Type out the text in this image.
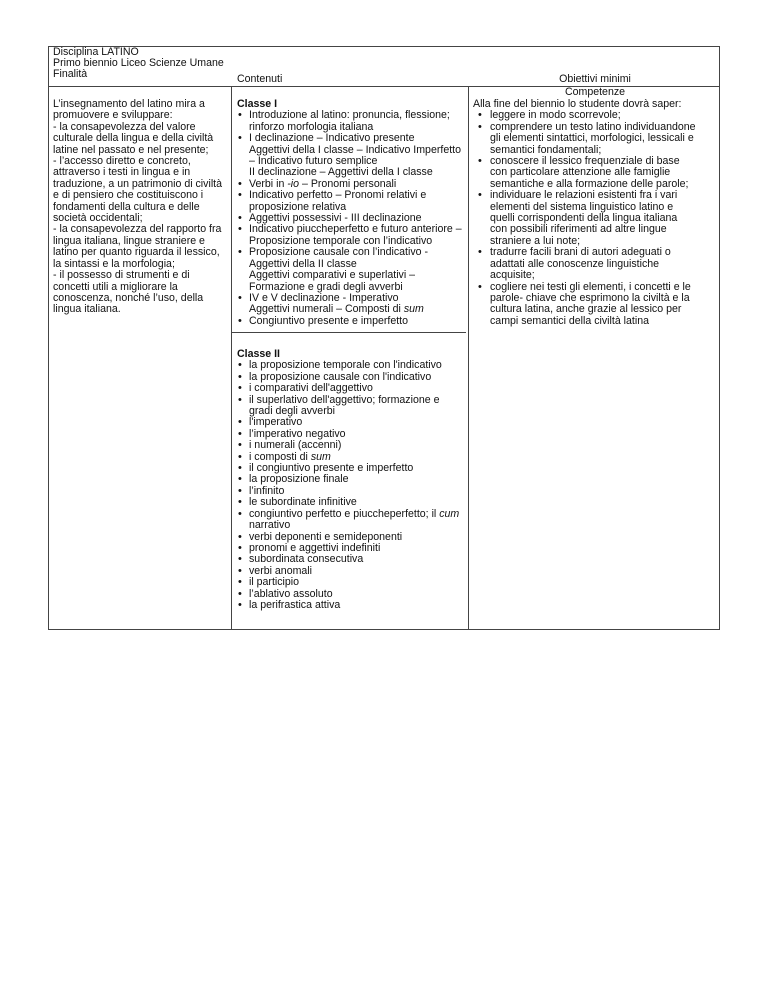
Disciplina LATINO
Primo biennio Liceo Scienze Umane
Finalità	Contenuti	Obiettivi minimi
Competenze

L’insegnamento del latino mira a

promuovere e sviluppare:

- la consapevolezza del valore

culturale della lingua e della civiltà

latine nel passato e nel presente;

- l’accesso diretto e concreto,

attraverso i testi in lingua e in

traduzione, a un patrimonio di civiltà

e di pensiero che costituiscono i

fondamenti della cultura e delle

società occidentali;

- la consapevolezza del rapporto fra

lingua italiana, lingue straniere e

latino per quanto riguarda il lessico,

la sintassi e la morfologia;

- il possesso di strumenti e di

concetti utili a migliorare la

conoscenza, nonché l’uso, della

lingua italiana.

Classe I

• Introduzione al latino: pronuncia, flessione;
rinforzo morfologia italiana
• I declinazione – Indicativo presente
Aggettivi della I classe – Indicativo Imperfetto
– Indicativo futuro semplice
II declinazione – Aggettivi della I classe
• Verbi in -io – Pronomi personali
• Indicativo perfetto – Pronomi relativi e
proposizione relativa
• Aggettivi possessivi - III declinazione
• Indicativo piuccheperfetto e futuro anteriore –
Proposizione temporale con l’indicativo
• Proposizione causale con l’indicativo -
Aggettivi della II classe
Aggettivi comparativi e superlativi –
Formazione e gradi degli avverbi
• IV e V declinazione - Imperativo
Aggettivi numerali – Composti di sum
• Congiuntivo presente e imperfetto

Classe II

• la proposizione temporale con l'indicativo
• la proposizione causale con l'indicativo
• i comparativi dell'aggettivo
• il superlativo dell'aggettivo; formazione e
gradi degli avverbi
• l'imperativo
• l’imperativo negativo
• i numerali (accenni)
• i composti di sum
• il congiuntivo presente e imperfetto
• la proposizione finale
• l’infinito
• le subordinate infinitive
• congiuntivo perfetto e piuccheperfetto; il cum
narrativo
• verbi deponenti e semideponenti
• pronomi e aggettivi indefiniti
• subordinata consecutiva
• verbi anomali
• il participio
• l’ablativo assoluto
• la perifrastica attiva

Alla fine del biennio lo studente dovrà saper:

• leggere in modo scorrevole;
• comprendere un testo latino individuandone
gli elementi sintattici, morfologici, lessicali e
semantici fondamentali;
• conoscere il lessico frequenziale di base
con particolare attenzione alle famiglie
semantiche e alla formazione delle parole;
• individuare le relazioni esistenti fra i vari
elementi del sistema linguistico latino e
quelli corrispondenti della lingua italiana
con possibili riferimenti ad altre lingue
straniere a lui note;
• tradurre facili brani di autori adeguati o
adattati alle conoscenze linguistiche
acquisite;
• cogliere nei testi gli elementi, i concetti e le
parole- chiave che esprimono la civiltà e la
cultura latina, anche grazie al lessico per
campi semantici della civiltà latina
